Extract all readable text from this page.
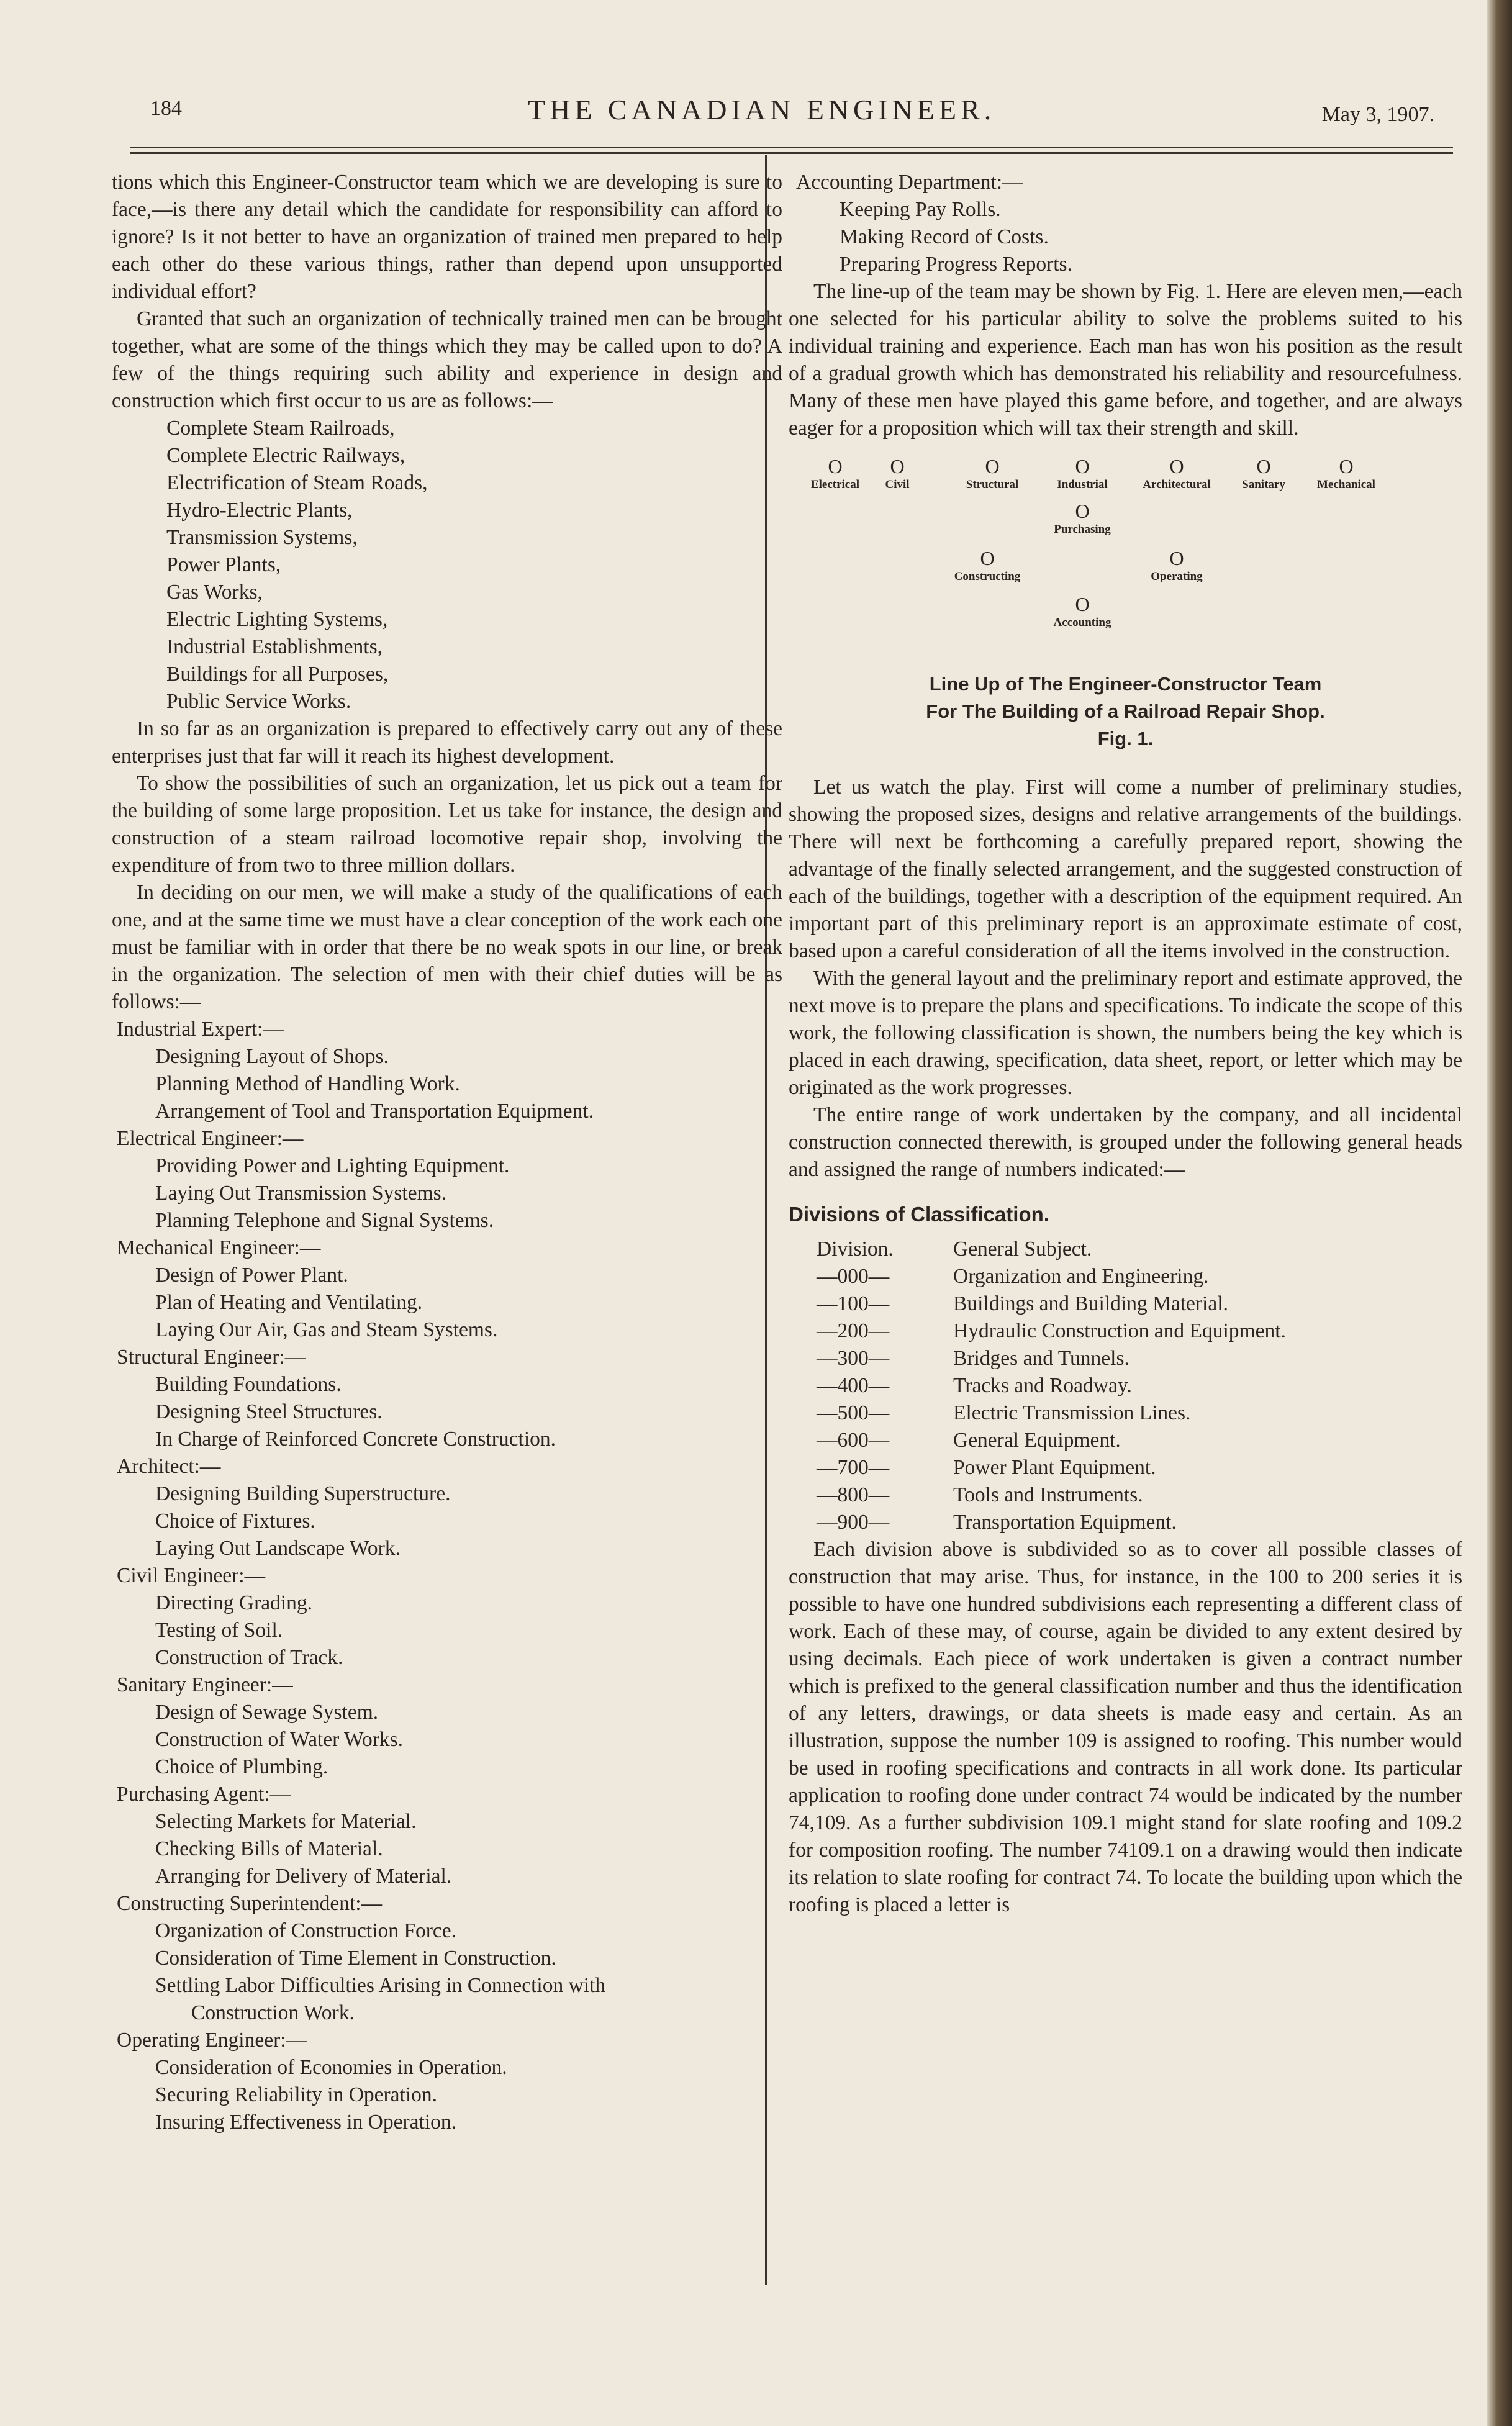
184	THE CANADIAN ENGINEER.	May 3, 1907.

tions which this Engineer-Constructor team which we are developing is sure to face,—is there any detail which the candidate for responsibility can afford to ignore? Is it not better to have an organization of trained men prepared to help each other do these various things, rather than depend upon unsupported individual effort?

Granted that such an organization of technically trained men can be brought together, what are some of the things which they may be called upon to do? A few of the things requiring such ability and experience in design and construction which first occur to us are as follows:—

Complete Steam Railroads,
Complete Electric Railways,
Electrification of Steam Roads,
Hydro-Electric Plants,
Transmission Systems,
Power Plants,
Gas Works,
Electric Lighting Systems,
Industrial Establishments,
Buildings for all Purposes,
Public Service Works.

In so far as an organization is prepared to effectively carry out any of these enterprises just that far will it reach its highest development.

To show the possibilities of such an organization, let us pick out a team for the building of some large proposition. Let us take for instance, the design and construction of a steam railroad locomotive repair shop, involving the expenditure of from two to three million dollars.

In deciding on our men, we will make a study of the qualifications of each one, and at the same time we must have a clear conception of the work each one must be familiar with in order that there be no weak spots in our line, or break in the organization. The selection of men with their chief duties will be as follows:—

Industrial Expert:—
Designing Layout of Shops.
Planning Method of Handling Work.
Arrangement of Tool and Transportation Equipment.
Electrical Engineer:—
Providing Power and Lighting Equipment.
Laying Out Transmission Systems.
Planning Telephone and Signal Systems.
Mechanical Engineer:—
Design of Power Plant.
Plan of Heating and Ventilating.
Laying Our Air, Gas and Steam Systems.
Structural Engineer:—
Building Foundations.
Designing Steel Structures.
In Charge of Reinforced Concrete Construction.
Architect:—
Designing Building Superstructure.
Choice of Fixtures.
Laying Out Landscape Work.
Civil Engineer:—
Directing Grading.
Testing of Soil.
Construction of Track.
Sanitary Engineer:—
Design of Sewage System.
Construction of Water Works.
Choice of Plumbing.
Purchasing Agent:—
Selecting Markets for Material.
Checking Bills of Material.
Arranging for Delivery of Material.
Constructing Superintendent:—
Organization of Construction Force.
Consideration of Time Element in Construction.
Settling Labor Difficulties Arising in Connection with
Construction Work.
Operating Engineer:—
Consideration of Economies in Operation.
Securing Reliability in Operation.
Insuring Effectiveness in Operation.
Accounting Department:—
Keeping Pay Rolls.
Making Record of Costs.
Preparing Progress Reports.

The line-up of the team may be shown by Fig. 1. Here are eleven men,—each one selected for his particular ability to solve the problems suited to his individual training and experience. Each man has won his position as the result of a gradual growth which has demonstrated his reliability and resourcefulness. Many of these men have played this game before, and together, and are always eager for a proposition which will tax their strength and skill.

O
Electrical
O
Civil
O
Structural
O
Industrial
O
Architectural
O
Sanitary
O
Mechanical
O
Purchasing
O
Constructing
O
Operating
O
Accounting
Line Up of The Engineer-Constructor Team
For The Building of a Railroad Repair Shop.
Fig. 1.

Let us watch the play. First will come a number of preliminary studies, showing the proposed sizes, designs and relative arrangements of the buildings. There will next be forthcoming a carefully prepared report, showing the advantage of the finally selected arrangement, and the suggested construction of each of the buildings, together with a description of the equipment required. An important part of this preliminary report is an approximate estimate of cost, based upon a careful consideration of all the items involved in the construction.

With the general layout and the preliminary report and estimate approved, the next move is to prepare the plans and specifications. To indicate the scope of this work, the following classification is shown, the numbers being the key which is placed in each drawing, specification, data sheet, report, or letter which may be originated as the work progresses.

The entire range of work undertaken by the company, and all incidental construction connected therewith, is grouped under the following general heads and assigned the range of numbers indicated:—

Divisions of Classification.
Division.	General Subject.
—000—	Organization and Engineering.
—100—	Buildings and Building Material.
—200—	Hydraulic Construction and Equipment.
—300—	Bridges and Tunnels.
—400—	Tracks and Roadway.
—500—	Electric Transmission Lines.
—600—	General Equipment.
—700—	Power Plant Equipment.
—800—	Tools and Instruments.
—900—	Transportation Equipment.

Each division above is subdivided so as to cover all possible classes of construction that may arise. Thus, for instance, in the 100 to 200 series it is possible to have one hundred subdivisions each representing a different class of work. Each of these may, of course, again be divided to any extent desired by using decimals. Each piece of work undertaken is given a contract number which is prefixed to the general classification number and thus the identification of any letters, drawings, or data sheets is made easy and certain. As an illustration, suppose the number 109 is assigned to roofing. This number would be used in roofing specifications and contracts in all work done. Its particular application to roofing done under contract 74 would be indicated by the number 74,109. As a further subdivision 109.1 might stand for slate roofing and 109.2 for composition roofing. The number 74109.1 on a drawing would then indicate its relation to slate roofing for contract 74. To locate the building upon which the roofing is placed a letter is
